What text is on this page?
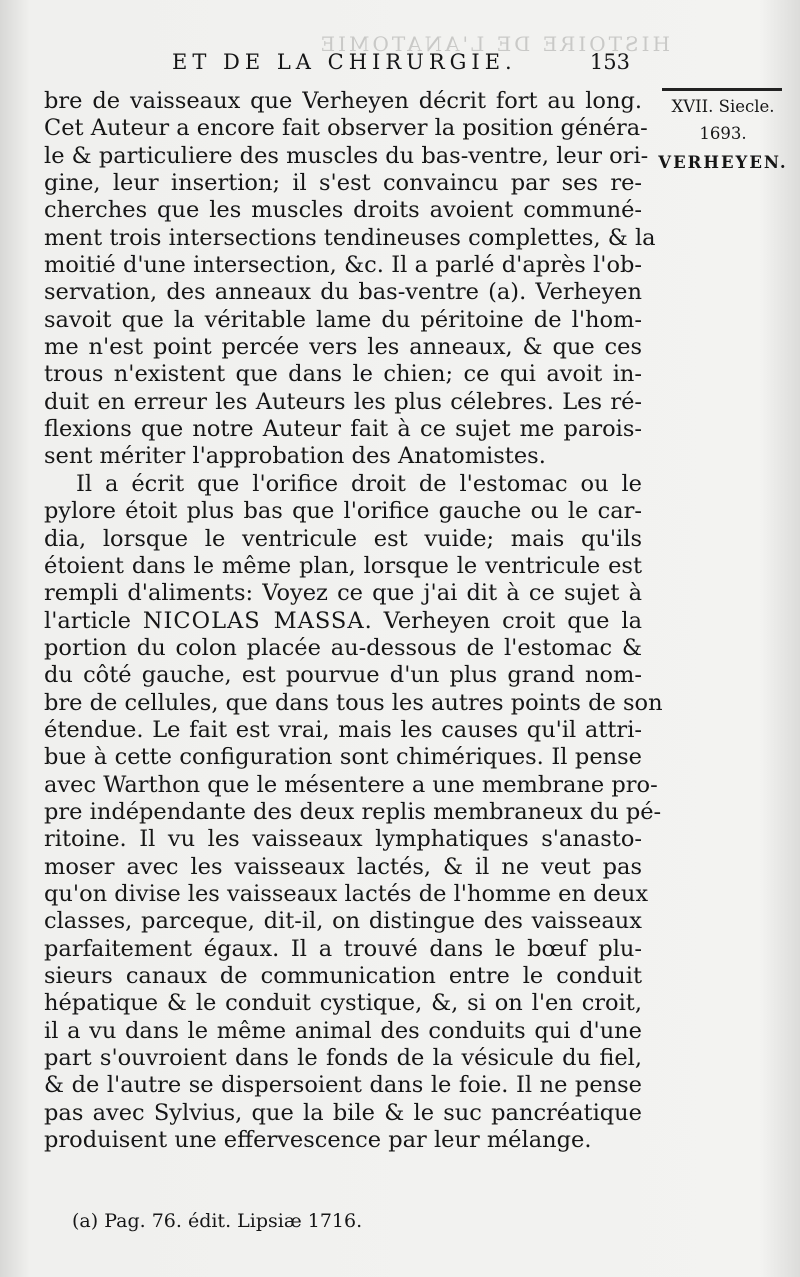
HISTOIRE DE L'ANATOMIE
ET DE LA CHIRURGIE.	153

bre de vaisseaux que Verheyen décrit fort au long.
Cet Auteur a encore fait observer la position généra-
le & particuliere des muscles du bas-ventre, leur ori-
gine, leur insertion; il s'est convaincu par ses re-
cherches que les muscles droits avoient communé-
ment trois intersections tendineuses complettes, & la
moitié d'une intersection, &c. Il a parlé d'après l'ob-
servation, des anneaux du bas-ventre (a). Verheyen
savoit que la véritable lame du péritoine de l'hom-
me n'est point percée vers les anneaux, & que ces
trous n'existent que dans le chien; ce qui avoit in-
duit en erreur les Auteurs les plus célebres. Les ré-
flexions que notre Auteur fait à ce sujet me parois-
sent mériter l'approbation des Anatomistes.

Il a écrit que l'orifice droit de l'estomac ou le
pylore étoit plus bas que l'orifice gauche ou le car-
dia, lorsque le ventricule est vuide; mais qu'ils
étoient dans le même plan, lorsque le ventricule est
rempli d'aliments: Voyez ce que j'ai dit à ce sujet à
l'article NICOLAS MASSA. Verheyen croit que la
portion du colon placée au-dessous de l'estomac &
du côté gauche, est pourvue d'un plus grand nom-
bre de cellules, que dans tous les autres points de son
étendue. Le fait est vrai, mais les causes qu'il attri-
bue à cette configuration sont chimériques. Il pense
avec Warthon que le mésentere a une membrane pro-
pre indépendante des deux replis membraneux du pé-
ritoine. Il vu les vaisseaux lymphatiques s'anasto-
moser avec les vaisseaux lactés, & il ne veut pas
qu'on divise les vaisseaux lactés de l'homme en deux
classes, parceque, dit-il, on distingue des vaisseaux
parfaitement égaux. Il a trouvé dans le bœuf plu-
sieurs canaux de communication entre le conduit
hépatique & le conduit cystique, &, si on l'en croit,
il a vu dans le même animal des conduits qui d'une
part s'ouvroient dans le fonds de la vésicule du fiel,
& de l'autre se dispersoient dans le foie. Il ne pense
pas avec Sylvius, que la bile & le suc pancréatique
produisent une effervescence par leur mélange.

XVII. Siecle.
1693.
VERHEYEN.
(a) Pag. 76. édit. Lipsiæ 1716.
